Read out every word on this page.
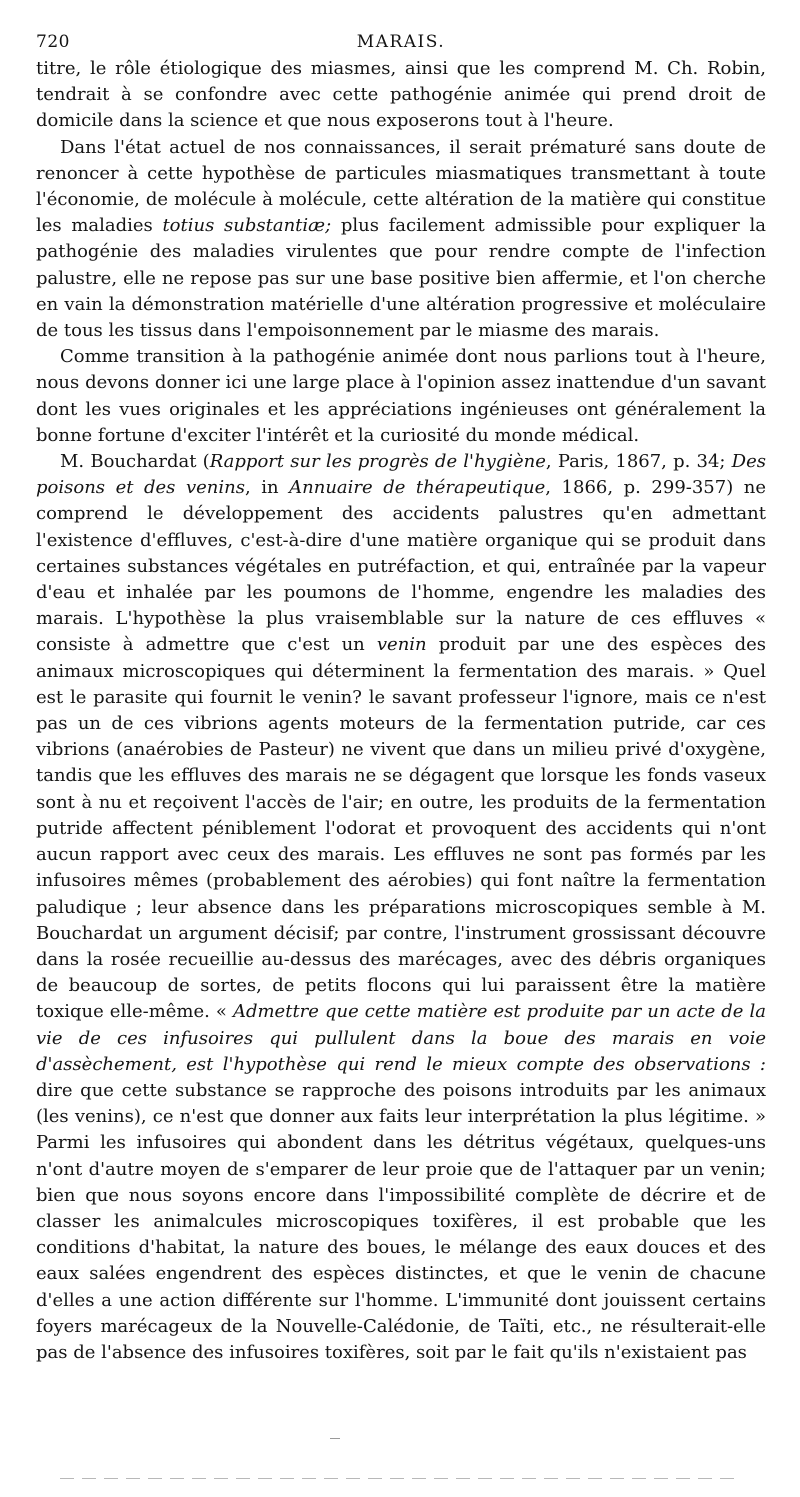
720	MARAIS.

titre, le rôle étiologique des miasmes, ainsi que les comprend M. Ch. Robin, tendrait à se confondre avec cette pathogénie animée qui prend droit de domicile dans la science et que nous exposerons tout à l'heure.

Dans l'état actuel de nos connaissances, il serait prématuré sans doute de renoncer à cette hypothèse de particules miasmatiques transmettant à toute l'économie, de molécule à molécule, cette altération de la matière qui constitue les maladies totius substantiæ; plus facilement admissible pour expliquer la pathogénie des maladies virulentes que pour rendre compte de l'infection palustre, elle ne repose pas sur une base positive bien affermie, et l'on cherche en vain la démonstration matérielle d'une altération progressive et moléculaire de tous les tissus dans l'empoisonnement par le miasme des marais.

Comme transition à la pathogénie animée dont nous parlions tout à l'heure, nous devons donner ici une large place à l'opinion assez inattendue d'un savant dont les vues originales et les appréciations ingénieuses ont généralement la bonne fortune d'exciter l'intérêt et la curiosité du monde médical.

M. Bouchardat (Rapport sur les progrès de l'hygiène, Paris, 1867, p. 34; Des poisons et des venins, in Annuaire de thérapeutique, 1866, p. 299-357) ne comprend le développement des accidents palustres qu'en admettant l'existence d'effluves, c'est-à-dire d'une matière organique qui se produit dans certaines substances végétales en putréfaction, et qui, entraînée par la vapeur d'eau et inhalée par les poumons de l'homme, engendre les maladies des marais. L'hypothèse la plus vraisemblable sur la nature de ces effluves « consiste à admettre que c'est un venin produit par une des espèces des animaux microscopiques qui déterminent la fermentation des marais. » Quel est le parasite qui fournit le venin? le savant professeur l'ignore, mais ce n'est pas un de ces vibrions agents moteurs de la fermentation putride, car ces vibrions (anaérobies de Pasteur) ne vivent que dans un milieu privé d'oxygène, tandis que les effluves des marais ne se dégagent que lorsque les fonds vaseux sont à nu et reçoivent l'accès de l'air; en outre, les produits de la fermentation putride affectent péniblement l'odorat et provoquent des accidents qui n'ont aucun rapport avec ceux des marais. Les effluves ne sont pas formés par les infusoires mêmes (probablement des aérobies) qui font naître la fermentation paludique ; leur absence dans les préparations microscopiques semble à M. Bouchardat un argument décisif; par contre, l'instrument grossissant découvre dans la rosée recueillie au-dessus des marécages, avec des débris organiques de beaucoup de sortes, de petits flocons qui lui paraissent être la matière toxique elle-même. « Admettre que cette matière est produite par un acte de la vie de ces infusoires qui pullulent dans la boue des marais en voie d'assèchement, est l'hypothèse qui rend le mieux compte des observations : dire que cette substance se rapproche des poisons introduits par les animaux (les venins), ce n'est que donner aux faits leur interprétation la plus légitime. » Parmi les infusoires qui abondent dans les détritus végétaux, quelques-uns n'ont d'autre moyen de s'emparer de leur proie que de l'attaquer par un venin; bien que nous soyons encore dans l'impossibilité complète de décrire et de classer les animalcules microscopiques toxifères, il est probable que les conditions d'habitat, la nature des boues, le mélange des eaux douces et des eaux salées engendrent des espèces distinctes, et que le venin de chacune d'elles a une action différente sur l'homme. L'immunité dont jouissent certains foyers marécageux de la Nouvelle-Calédonie, de Taïti, etc., ne résulterait-elle pas de l'absence des infusoires toxifères, soit par le fait qu'ils n'existaient pas
